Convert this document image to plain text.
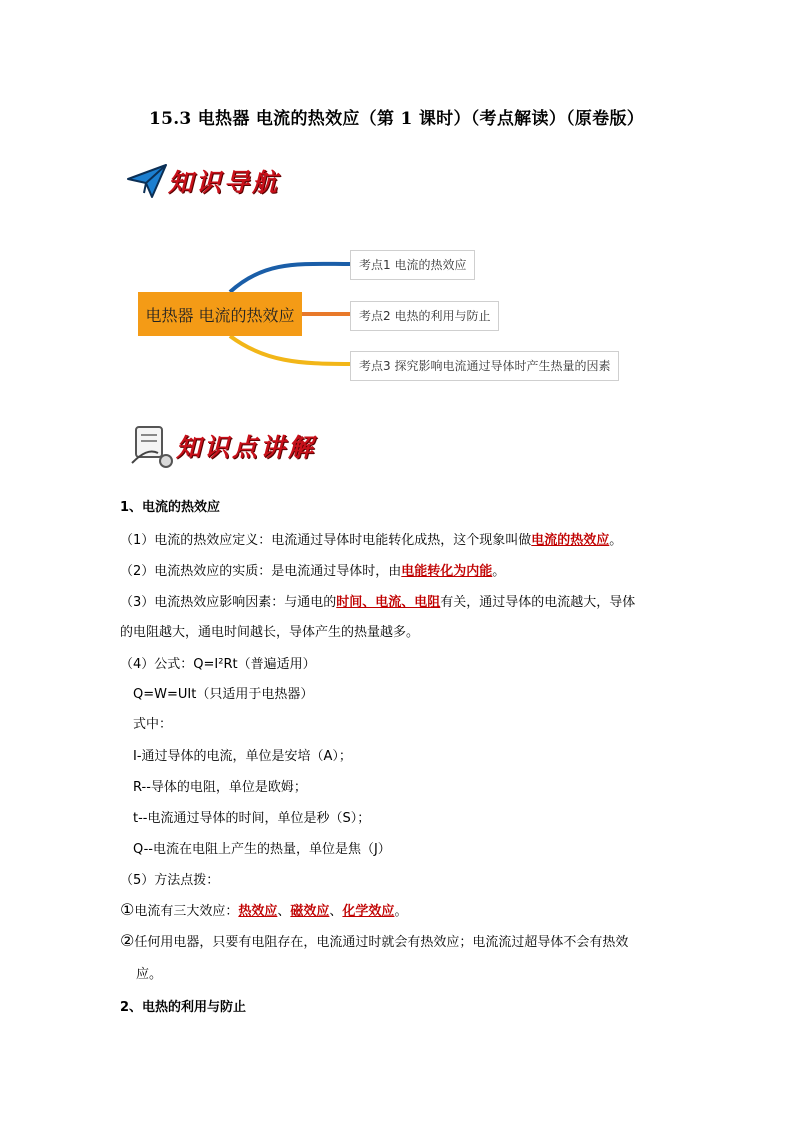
15.3 电热器 电流的热效应（第 1 课时）（考点解读）（原卷版）
知识导航
电热器 电流的热效应
考点1 电流的热效应
考点2 电热的利用与防止
考点3 探究影响电流通过导体时产生热量的因素
知识点讲解
1、电流的热效应
（1）电流的热效应定义：电流通过导体时电能转化成热，这个现象叫做电流的热效应。
（2）电流热效应的实质：是电流通过导体时，由电能转化为内能。
（3）电流热效应影响因素：与通电的时间、电流、电阻有关，通过导体的电流越大，导体
的电阻越大，通电时间越长，导体产生的热量越多。
（4）公式：Q=I²Rt（普遍适用）
Q=W=UIt（只适用于电热器）
式中：
I-通过导体的电流，单位是安培（A）；
R--导体的电阻，单位是欧姆；
t--电流通过导体的时间，单位是秒（S）；
Q--电流在电阻上产生的热量，单位是焦（J）
（5）方法点拨：
①电流有三大效应：热效应、磁效应、化学效应。
②任何用电器，只要有电阻存在，电流通过时就会有热效应；电流流过超导体不会有热效
应。
2、电热的利用与防止
